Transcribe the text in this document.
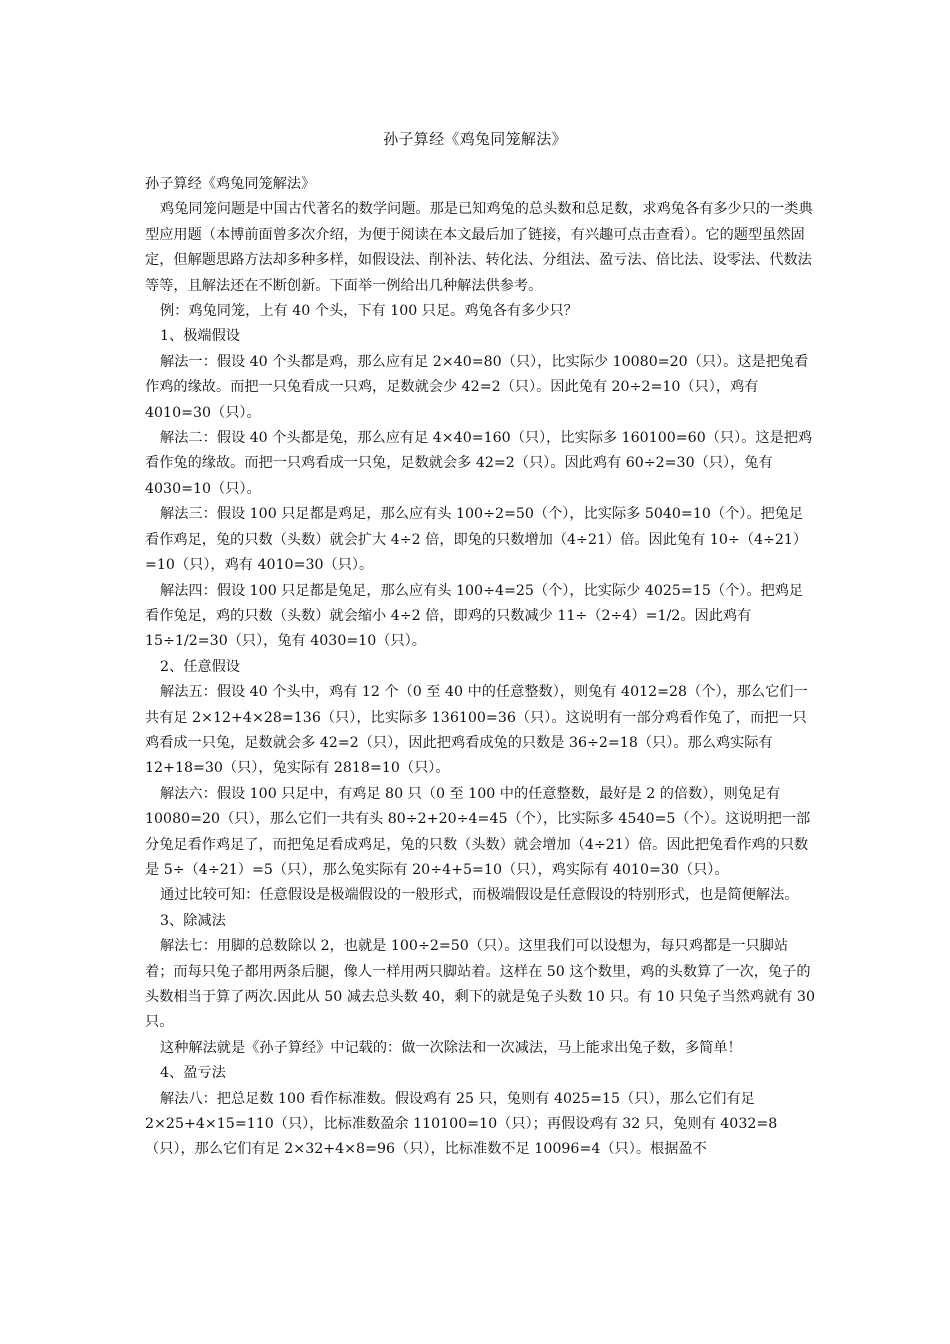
孙子算经《鸡兔同笼解法》

孙子算经《鸡兔同笼解法》

鸡兔同笼问题是中国古代著名的数学问题。那是已知鸡兔的总头数和总足数，求鸡兔各有多少只的一类典型应用题（本博前面曾多次介绍，为便于阅读在本文最后加了链接，有兴趣可点击查看）。它的题型虽然固定，但解题思路方法却多种多样，如假设法、削补法、转化法、分组法、盈亏法、倍比法、设零法、代数法等等，且解法还在不断创新。下面举一例给出几种解法供参考。

例：鸡兔同笼，上有 40 个头，下有 100 只足。鸡兔各有多少只？

1、极端假设

解法一：假设 40 个头都是鸡，那么应有足 2×40=80（只），比实际少 10080=20（只）。这是把兔看作鸡的缘故。而把一只兔看成一只鸡，足数就会少 42=2（只）。因此兔有 20÷2=10（只），鸡有 4010=30（只）。

解法二：假设 40 个头都是兔，那么应有足 4×40=160（只），比实际多 160100=60（只）。这是把鸡看作兔的缘故。而把一只鸡看成一只兔，足数就会多 42=2（只）。因此鸡有 60÷2=30（只），兔有 4030=10（只）。

解法三：假设 100 只足都是鸡足，那么应有头 100÷2=50（个），比实际多 5040=10（个）。把兔足看作鸡足，兔的只数（头数）就会扩大 4÷2 倍，即兔的只数增加（4÷21）倍。因此兔有 10÷（4÷21）=10（只），鸡有 4010=30（只）。

解法四：假设 100 只足都是兔足，那么应有头 100÷4=25（个），比实际少 4025=15（个）。把鸡足看作兔足，鸡的只数（头数）就会缩小 4÷2 倍，即鸡的只数减少 11÷（2÷4）=1/2。因此鸡有 15÷1/2=30（只），兔有 4030=10（只）。

2、任意假设

解法五：假设 40 个头中，鸡有 12 个（0 至 40 中的任意整数），则兔有 4012=28（个），那么它们一共有足 2×12+4×28=136（只），比实际多 136100=36（只）。这说明有一部分鸡看作兔了，而把一只鸡看成一只兔，足数就会多 42=2（只），因此把鸡看成兔的只数是 36÷2=18（只）。那么鸡实际有 12+18=30（只），兔实际有 2818=10（只）。

解法六：假设 100 只足中，有鸡足 80 只（0 至 100 中的任意整数，最好是 2 的倍数），则兔足有 10080=20（只），那么它们一共有头 80÷2+20÷4=45（个），比实际多 4540=5（个）。这说明把一部分兔足看作鸡足了，而把兔足看成鸡足，兔的只数（头数）就会增加（4÷21）倍。因此把兔看作鸡的只数是 5÷（4÷21）=5（只），那么兔实际有 20÷4+5=10（只），鸡实际有 4010=30（只）。

通过比较可知：任意假设是极端假设的一般形式，而极端假设是任意假设的特别形式，也是简便解法。

3、除减法

解法七：用脚的总数除以 2，也就是 100÷2=50（只）。这里我们可以设想为，每只鸡都是一只脚站着；而每只兔子都用两条后腿，像人一样用两只脚站着。这样在 50 这个数里，鸡的头数算了一次，兔子的头数相当于算了两次.因此从 50 减去总头数 40，剩下的就是兔子头数 10 只。有 10 只兔子当然鸡就有 30 只。

这种解法就是《孙子算经》中记载的：做一次除法和一次减法，马上能求出兔子数，多简单！

4、盈亏法

解法八：把总足数 100 看作标准数。假设鸡有 25 只，兔则有 4025=15（只），那么它们有足 2×25+4×15=110（只），比标准数盈余 110100=10（只）；再假设鸡有 32 只，兔则有 4032=8（只），那么它们有足 2×32+4×8=96（只），比标准数不足 10096=4（只）。根据盈不
